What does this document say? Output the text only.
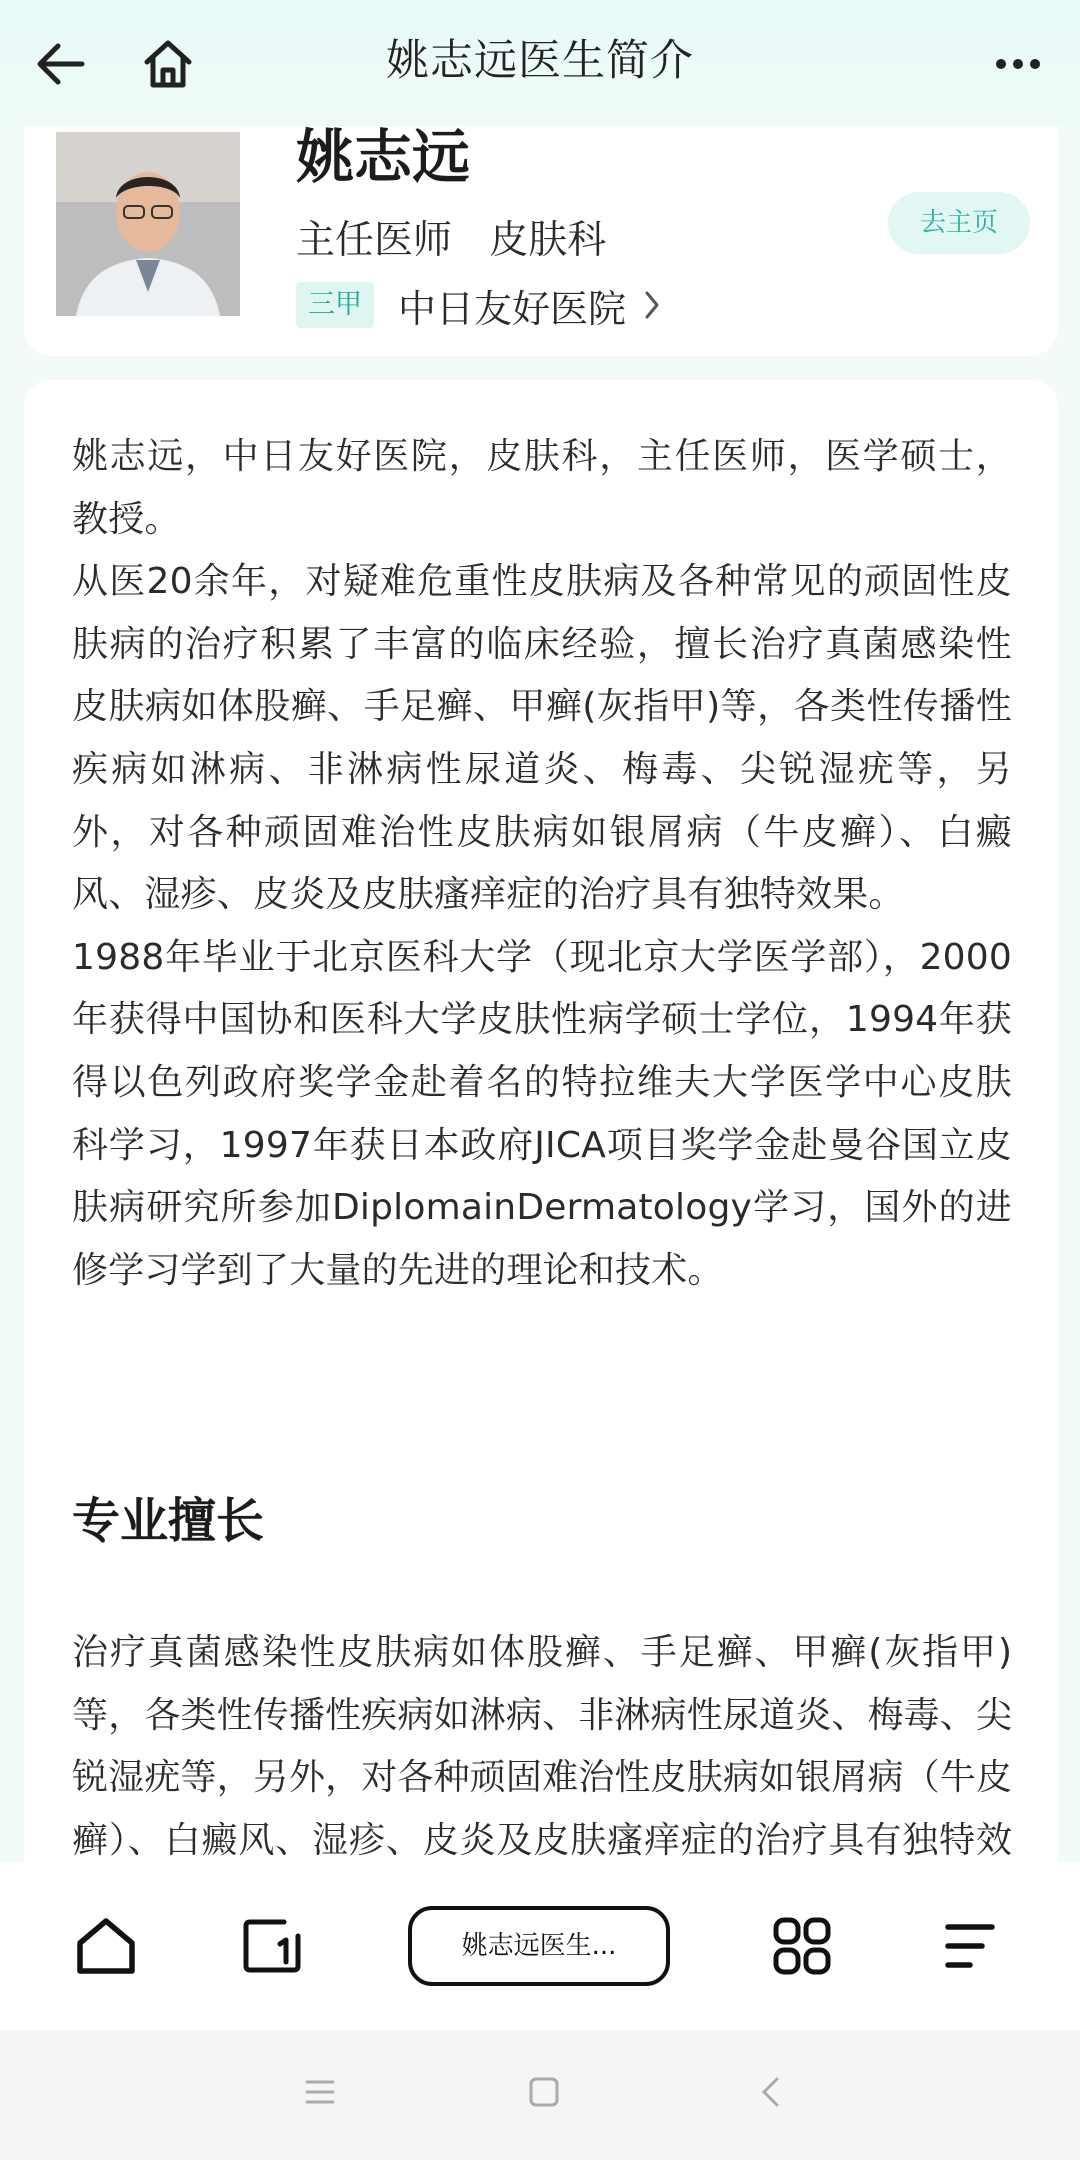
姚志远医生简介
姚志远
主任医师   皮肤科
三甲 中日友好医院
去主页

姚志远，中日友好医院，皮肤科，主任医师，医学硕士，教授。

从医20余年，对疑难危重性皮肤病及各种常见的顽固性皮肤病的治疗积累了丰富的临床经验，擅长治疗真菌感染性皮肤病如体股癣、手足癣、甲癣(灰指甲)等，各类性传播性疾病如淋病、非淋病性尿道炎、梅毒、尖锐湿疣等，另外，对各种顽固难治性皮肤病如银屑病（牛皮癣）、白癜风、湿疹、皮炎及皮肤瘙痒症的治疗具有独特效果。

1988年毕业于北京医科大学（现北京大学医学部），2000年获得中国协和医科大学皮肤性病学硕士学位，1994年获得以色列政府奖学金赴着名的特拉维夫大学医学中心皮肤科学习，1997年获日本政府JICA项目奖学金赴曼谷国立皮肤病研究所参加DiplomainDermatology学习，国外的进修学习学到了大量的先进的理论和技术。

专业擅长
治疗真菌感染性皮肤病如体股癣、手足癣、甲癣(灰指甲)等，各类性传播性疾病如淋病、非淋病性尿道炎、梅毒、尖锐湿疣等，另外，对各种顽固难治性皮肤病如银屑病（牛皮癣）、白癜风、湿疹、皮炎及皮肤瘙痒症的治疗具有独特效
姚志远医生...
